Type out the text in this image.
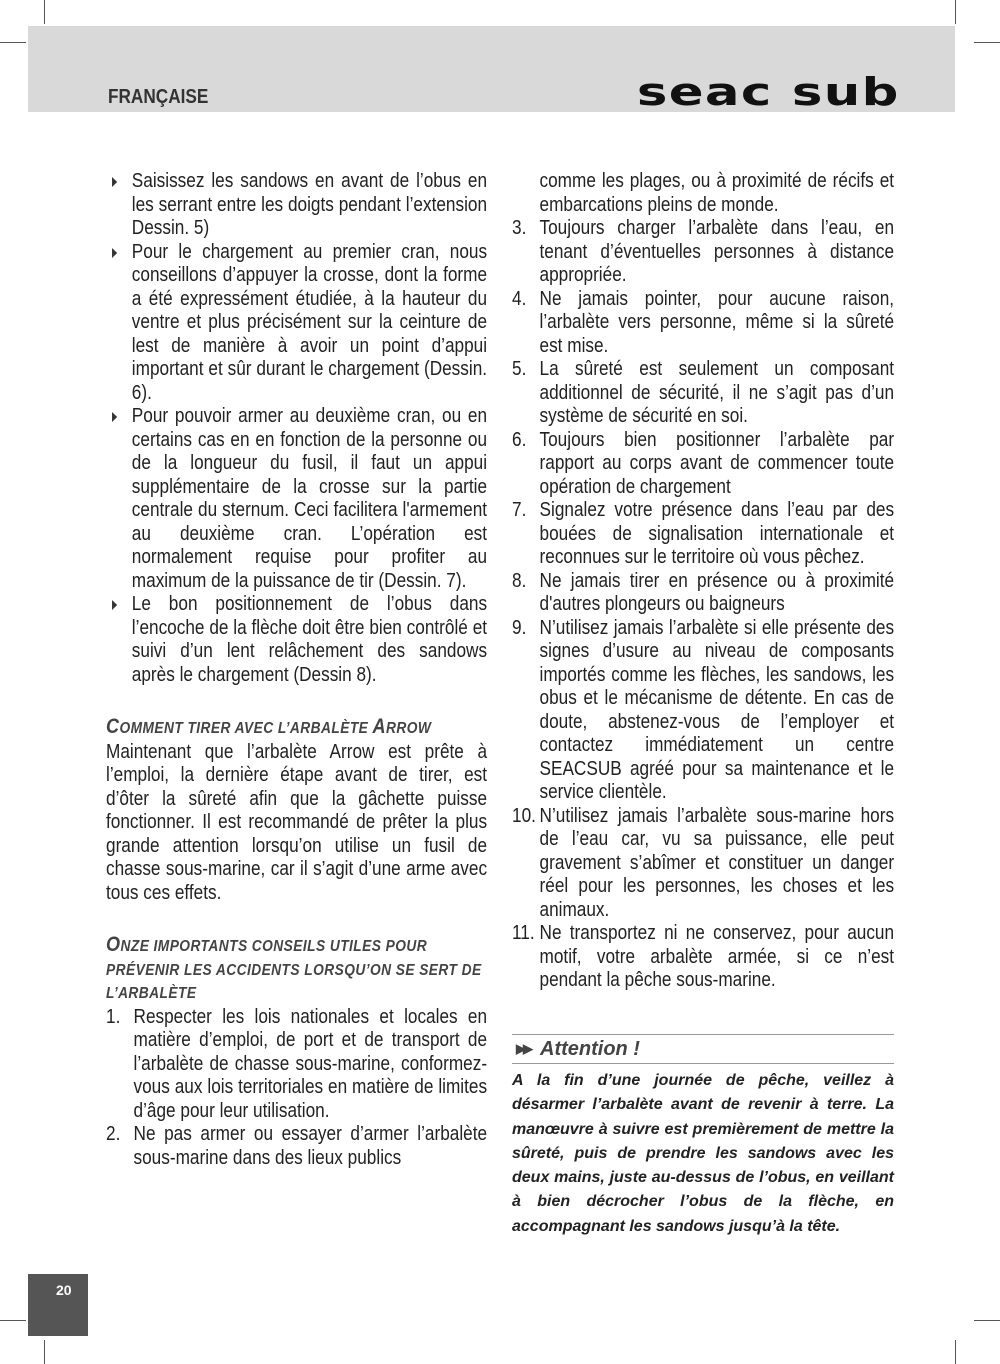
FRANÇAISE	seac sub

Saisissez les sandows en avant de l’obus en les serrant entre les doigts pendant l’extension Dessin. 5)

Pour le chargement au premier cran, nous conseillons d’appuyer la crosse, dont la forme a été expressément étudiée, à la hauteur du ventre et plus précisément sur la ceinture de lest de manière à avoir un point d’appui important et sûr durant le chargement (Dessin. 6).

Pour pouvoir armer au deuxième cran, ou en certains cas en en fonction de la personne ou de la longueur du fusil, il faut un appui supplémentaire de la crosse sur la partie centrale du sternum. Ceci facilitera l'armement au deuxième cran. L’opération est normalement requise pour profiter au maximum de la puissance de tir (Dessin. 7).

Le bon positionnement de l’obus dans l’encoche de la flèche doit être bien contrôlé et suivi d’un lent relâchement des sandows après le chargement (Dessin 8).

COMMENT TIRER AVEC L’ARBALÈTE ARROW

Maintenant que l’arbalète Arrow est prête à l’emploi, la dernière étape avant de tirer, est d’ôter la sûreté afin que la gâchette puisse fonctionner. Il est recommandé de prêter la plus grande attention lorsqu’on utilise un fusil de chasse sous-marine, car il s’agit d’une arme avec tous ces effets.

ONZE IMPORTANTS CONSEILS UTILES POUR PRÉVENIR LES ACCIDENTS LORSQU’ON SE SERT DE L’ARBALÈTE

1. Respecter les lois nationales et locales en matière d’emploi, de port et de transport de l’arbalète de chasse sous-marine, conformez-vous aux lois territoriales en matière de limites d’âge pour leur utilisation.

2. Ne pas armer ou essayer d’armer l’arbalète sous-marine dans des lieux publics

comme les plages, ou à proximité de récifs et embarcations pleins de monde.

3. Toujours charger l’arbalète dans l’eau, en tenant d’éventuelles personnes à distance appropriée.

4. Ne jamais pointer, pour aucune raison, l’arbalète vers personne, même si la sûreté est mise.

5. La sûreté est seulement un composant additionnel de sécurité, il ne s’agit pas d’un système de sécurité en soi.

6. Toujours bien positionner l’arbalète par rapport au corps avant de commencer toute opération de chargement

7. Signalez votre présence dans l’eau par des bouées de signalisation internationale et reconnues sur le territoire où vous pêchez.

8. Ne jamais tirer en présence ou à proximité d'autres plongeurs ou baigneurs

9. N’utilisez jamais l’arbalète si elle présente des signes d’usure au niveau de composants importés comme les flèches, les sandows, les obus et le mécanisme de détente. En cas de doute, abstenez-vous de l’employer et contactez immédiatement un centre SEACSUB agréé pour sa maintenance et le service clientèle.

10. N’utilisez jamais l’arbalète sous-marine hors de l’eau car, vu sa puissance, elle peut gravement s’abîmer et constituer un danger réel pour les personnes, les choses et les animaux.

11. Ne transportez ni ne conservez, pour aucun motif, votre arbalète armée, si ce n’est pendant la pêche sous-marine.

▶▶ Attention !
A la fin d’une journée de pêche, veillez à désarmer l’arbalète avant de revenir à terre. La manœuvre à suivre est premièrement de mettre la sûreté, puis de prendre les sandows avec les deux mains, juste au-dessus de l’obus, en veillant à bien décrocher l’obus de la flèche, en accompagnant les sandows jusqu’à la tête.
20
